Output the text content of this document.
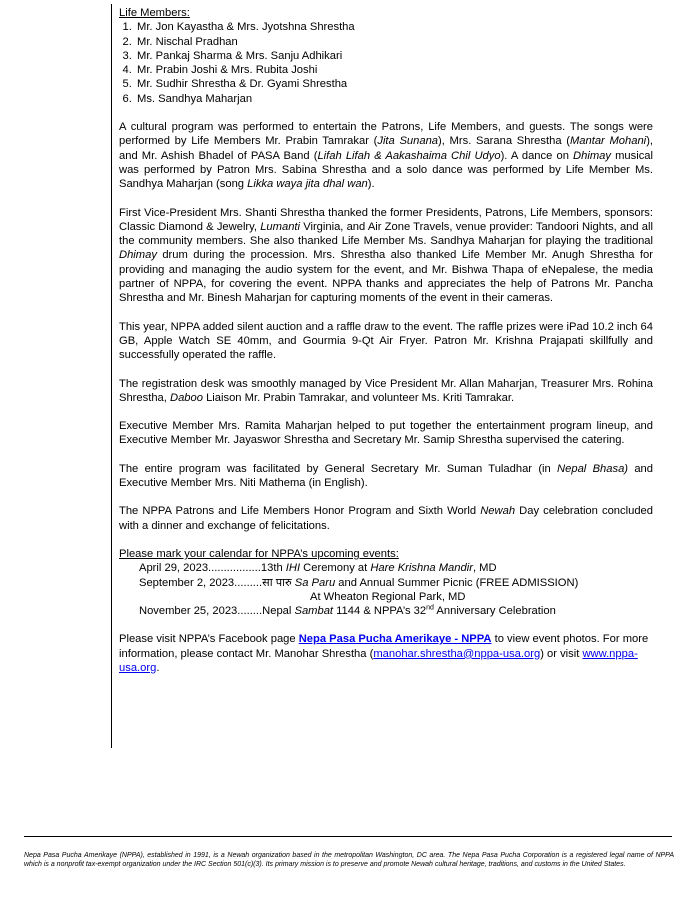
Life Members:
1. Mr. Jon Kayastha & Mrs. Jyotshna Shrestha
2. Mr. Nischal Pradhan
3. Mr. Pankaj Sharma & Mrs. Sanju Adhikari
4. Mr. Prabin Joshi & Mrs. Rubita Joshi
5. Mr. Sudhir Shrestha & Dr. Gyami Shrestha
6. Ms. Sandhya Maharjan

A cultural program was performed to entertain the Patrons, Life Members, and guests. The songs were performed by Life Members Mr. Prabin Tamrakar (Jita Sunana), Mrs. Sarana Shrestha (Mantar Mohani), and Mr. Ashish Bhadel of PASA Band (Lifah Lifah & Aakashaima Chil Udyo). A dance on Dhimay musical was performed by Patron Mrs. Sabina Shrestha and a solo dance was performed by Life Member Ms. Sandhya Maharjan (song Likka waya jita dhal wan).

First Vice-President Mrs. Shanti Shrestha thanked the former Presidents, Patrons, Life Members, sponsors: Classic Diamond & Jewelry, Lumanti Virginia, and Air Zone Travels, venue provider: Tandoori Nights, and all the community members. She also thanked Life Member Ms. Sandhya Maharjan for playing the traditional Dhimay drum during the procession. Mrs. Shrestha also thanked Life Member Mr. Anugh Shrestha for providing and managing the audio system for the event, and Mr. Bishwa Thapa of eNepalese, the media partner of NPPA, for covering the event. NPPA thanks and appreciates the help of Patrons Mr. Pancha Shrestha and Mr. Binesh Maharjan for capturing moments of the event in their cameras.

This year, NPPA added silent auction and a raffle draw to the event. The raffle prizes were iPad 10.2 inch 64 GB, Apple Watch SE 40mm, and Gourmia 9-Qt Air Fryer. Patron Mr. Krishna Prajapati skillfully and successfully operated the raffle.

The registration desk was smoothly managed by Vice President Mr. Allan Maharjan, Treasurer Mrs. Rohina Shrestha, Daboo Liaison Mr. Prabin Tamrakar, and volunteer Ms. Kriti Tamrakar.

Executive Member Mrs. Ramita Maharjan helped to put together the entertainment program lineup, and Executive Member Mr. Jayaswor Shrestha and Secretary Mr. Samip Shrestha supervised the catering.

The entire program was facilitated by General Secretary Mr. Suman Tuladhar (in Nepal Bhasa) and Executive Member Mrs. Niti Mathema (in English).

The NPPA Patrons and Life Members Honor Program and Sixth World Newah Day celebration concluded with a dinner and exchange of felicitations.

Please mark your calendar for NPPA’s upcoming events:
April 29, 2023.................13th IHI Ceremony at Hare Krishna Mandir, MD
September 2, 2023.........सा पारु Sa Paru and Annual Summer Picnic (FREE ADMISSION)
At Wheaton Regional Park, MD
November 25, 2023........Nepal Sambat 1144 & NPPA’s 32nd Anniversary Celebration

Please visit NPPA’s Facebook page Nepa Pasa Pucha Amerikaye - NPPA to view event photos. For more information, please contact Mr. Manohar Shrestha (manohar.shrestha@nppa-usa.org) or visit www.nppa-usa.org.

Nepa Pasa Pucha Amerikaye (NPPA), established in 1991, is a Newah organization based in the metropolitan Washington, DC area. The Nepa Pasa Pucha Corporation is a registered legal name of NPPA which is a nonprofit tax-exempt organization under the IRC Section 501(c)(3). Its primary mission is to preserve and promote Newah cultural heritage, traditions, and customs in the United States.
